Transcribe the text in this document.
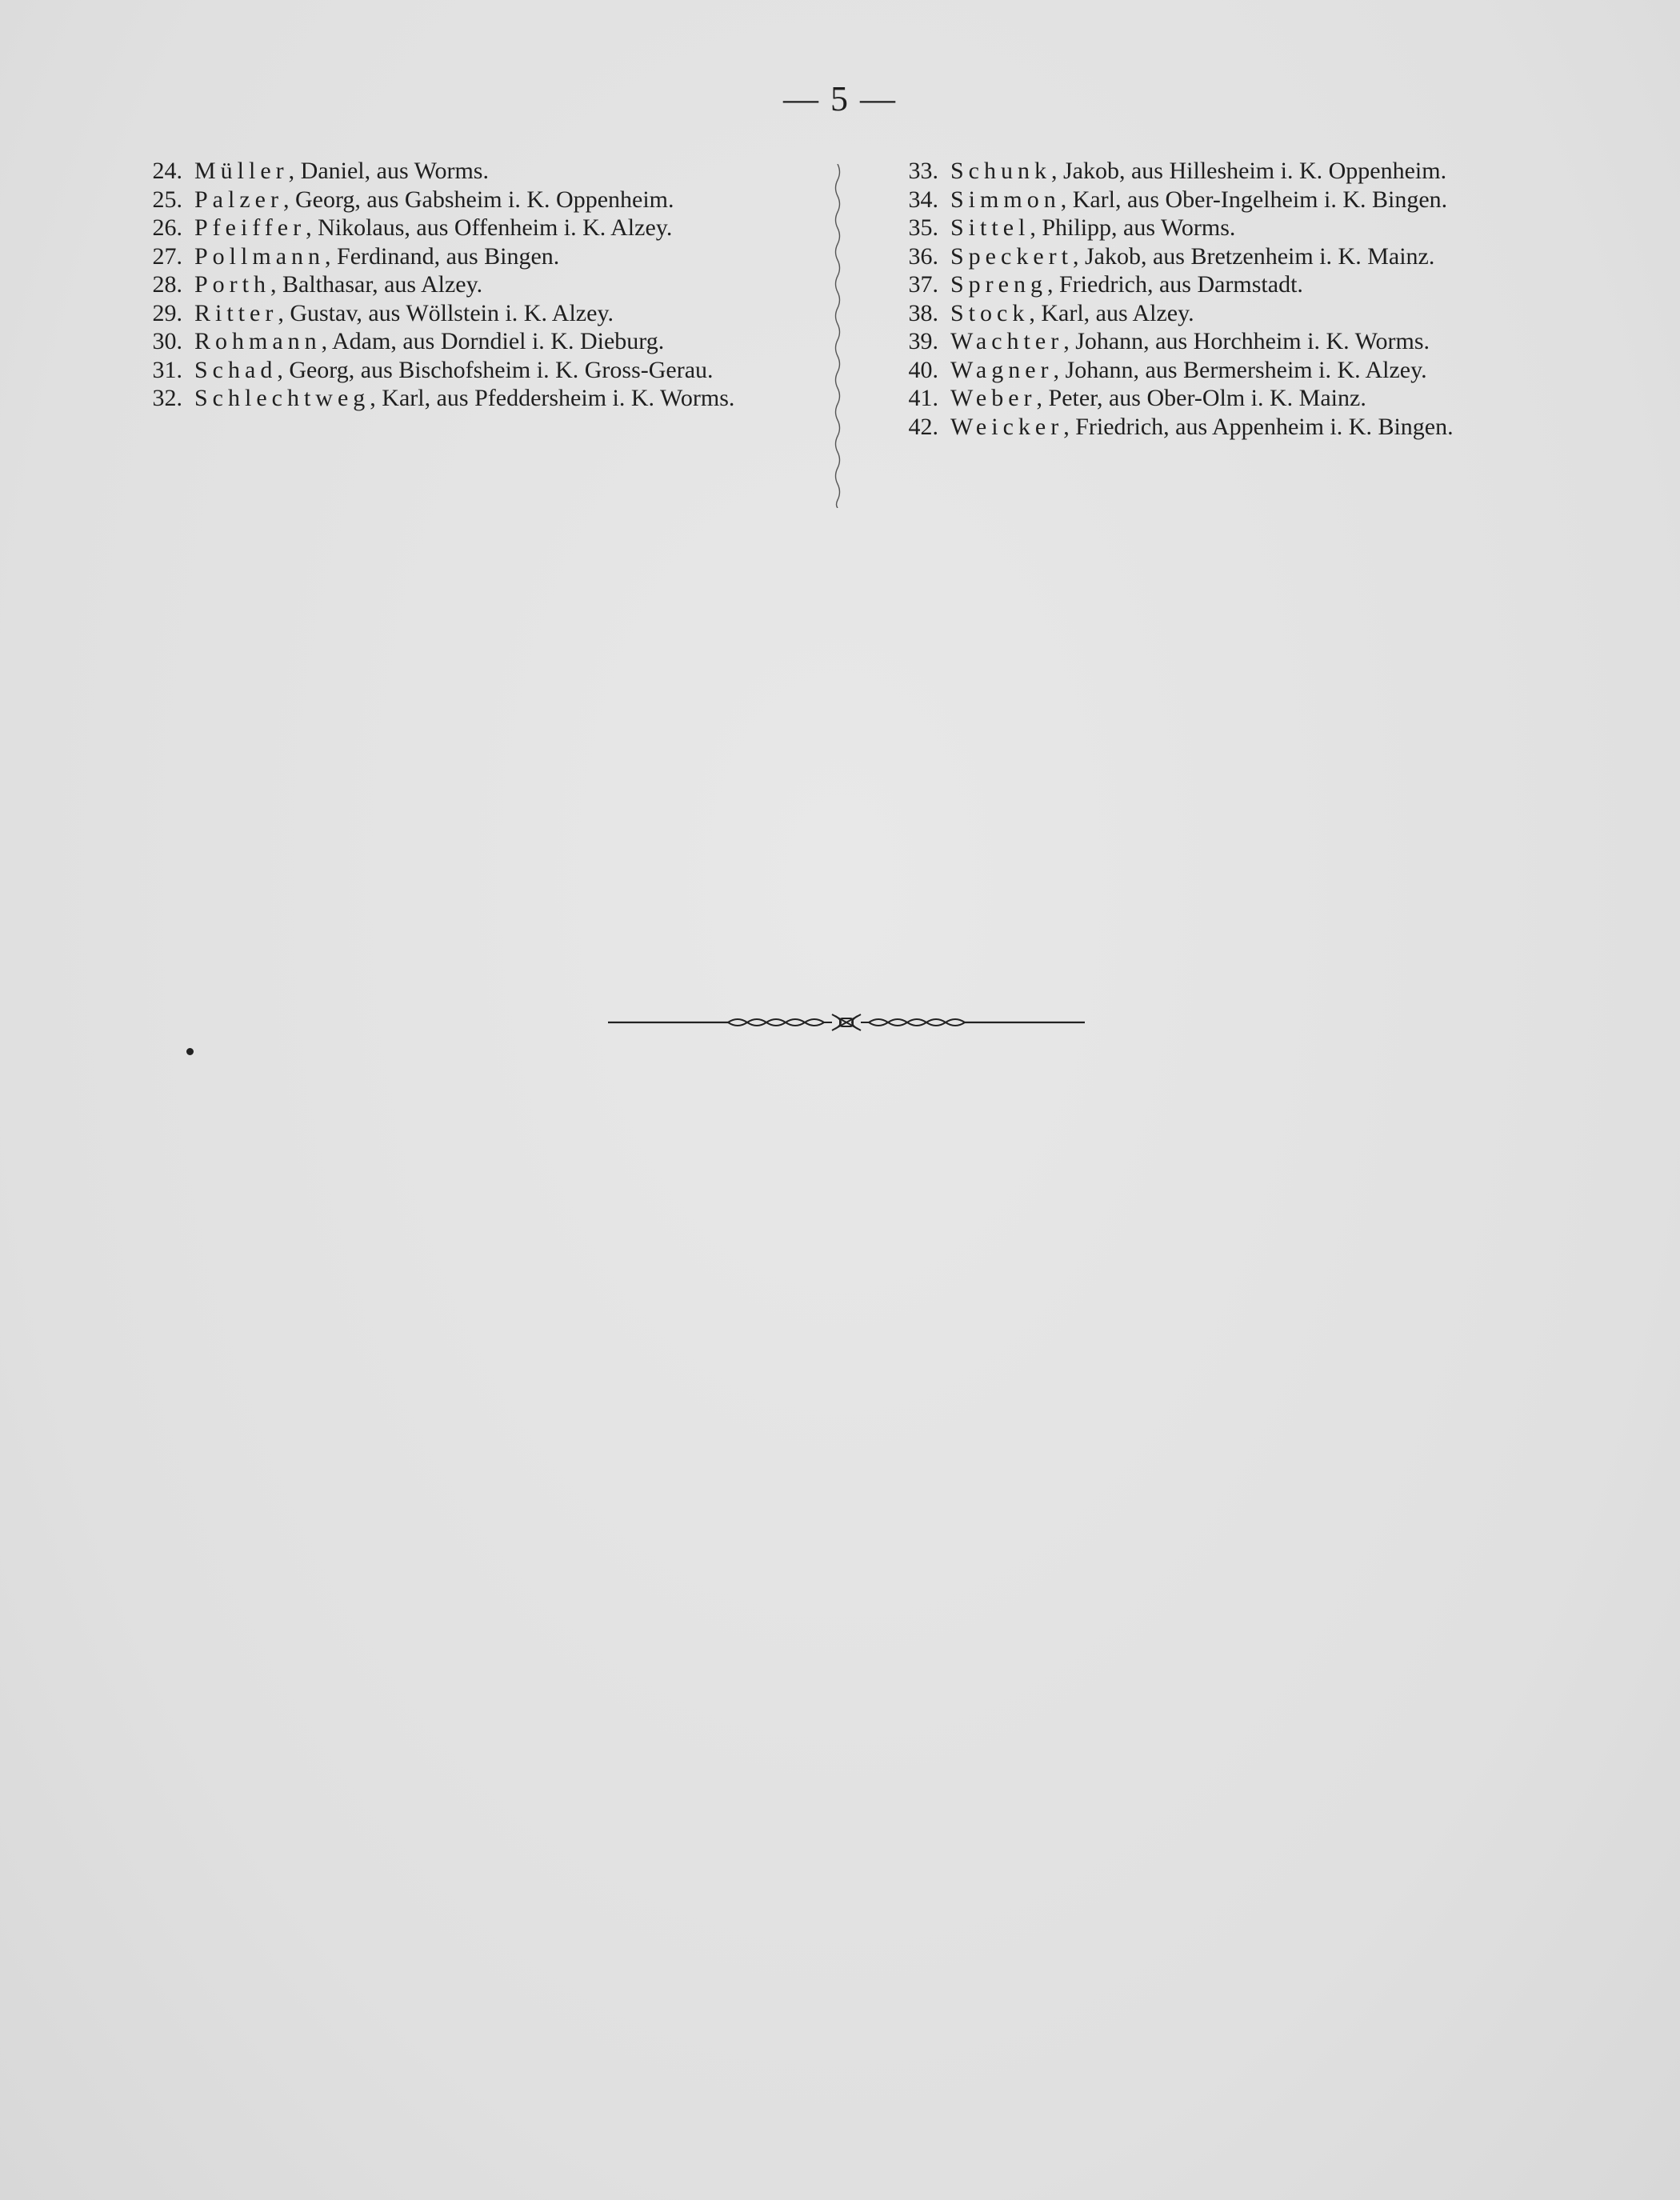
— 5 —
24. Müller, Daniel, aus Worms.
25. Palzer, Georg, aus Gabsheim i. K. Oppenheim.
26. Pfeiffer, Nikolaus, aus Offenheim i. K. Alzey.
27. Pollmann, Ferdinand, aus Bingen.
28. Porth, Balthasar, aus Alzey.
29. Ritter, Gustav, aus Wöllstein i. K. Alzey.
30. Rohmann, Adam, aus Dorndiel i. K. Dieburg.
31. Schad, Georg, aus Bischofsheim i. K. Gross-Gerau.
32. Schlechtweg, Karl, aus Pfeddersheim i. K. Worms.
33. Schunk, Jakob, aus Hillesheim i. K. Oppenheim.
34. Simmon, Karl, aus Ober-Ingelheim i. K. Bingen.
35. Sittel, Philipp, aus Worms.
36. Speckert, Jakob, aus Bretzenheim i. K. Mainz.
37. Spreng, Friedrich, aus Darmstadt.
38. Stock, Karl, aus Alzey.
39. Wachter, Johann, aus Horchheim i. K. Worms.
40. Wagner, Johann, aus Bermersheim i. K. Alzey.
41. Weber, Peter, aus Ober-Olm i. K. Mainz.
42. Weicker, Friedrich, aus Appenheim i. K. Bingen.
